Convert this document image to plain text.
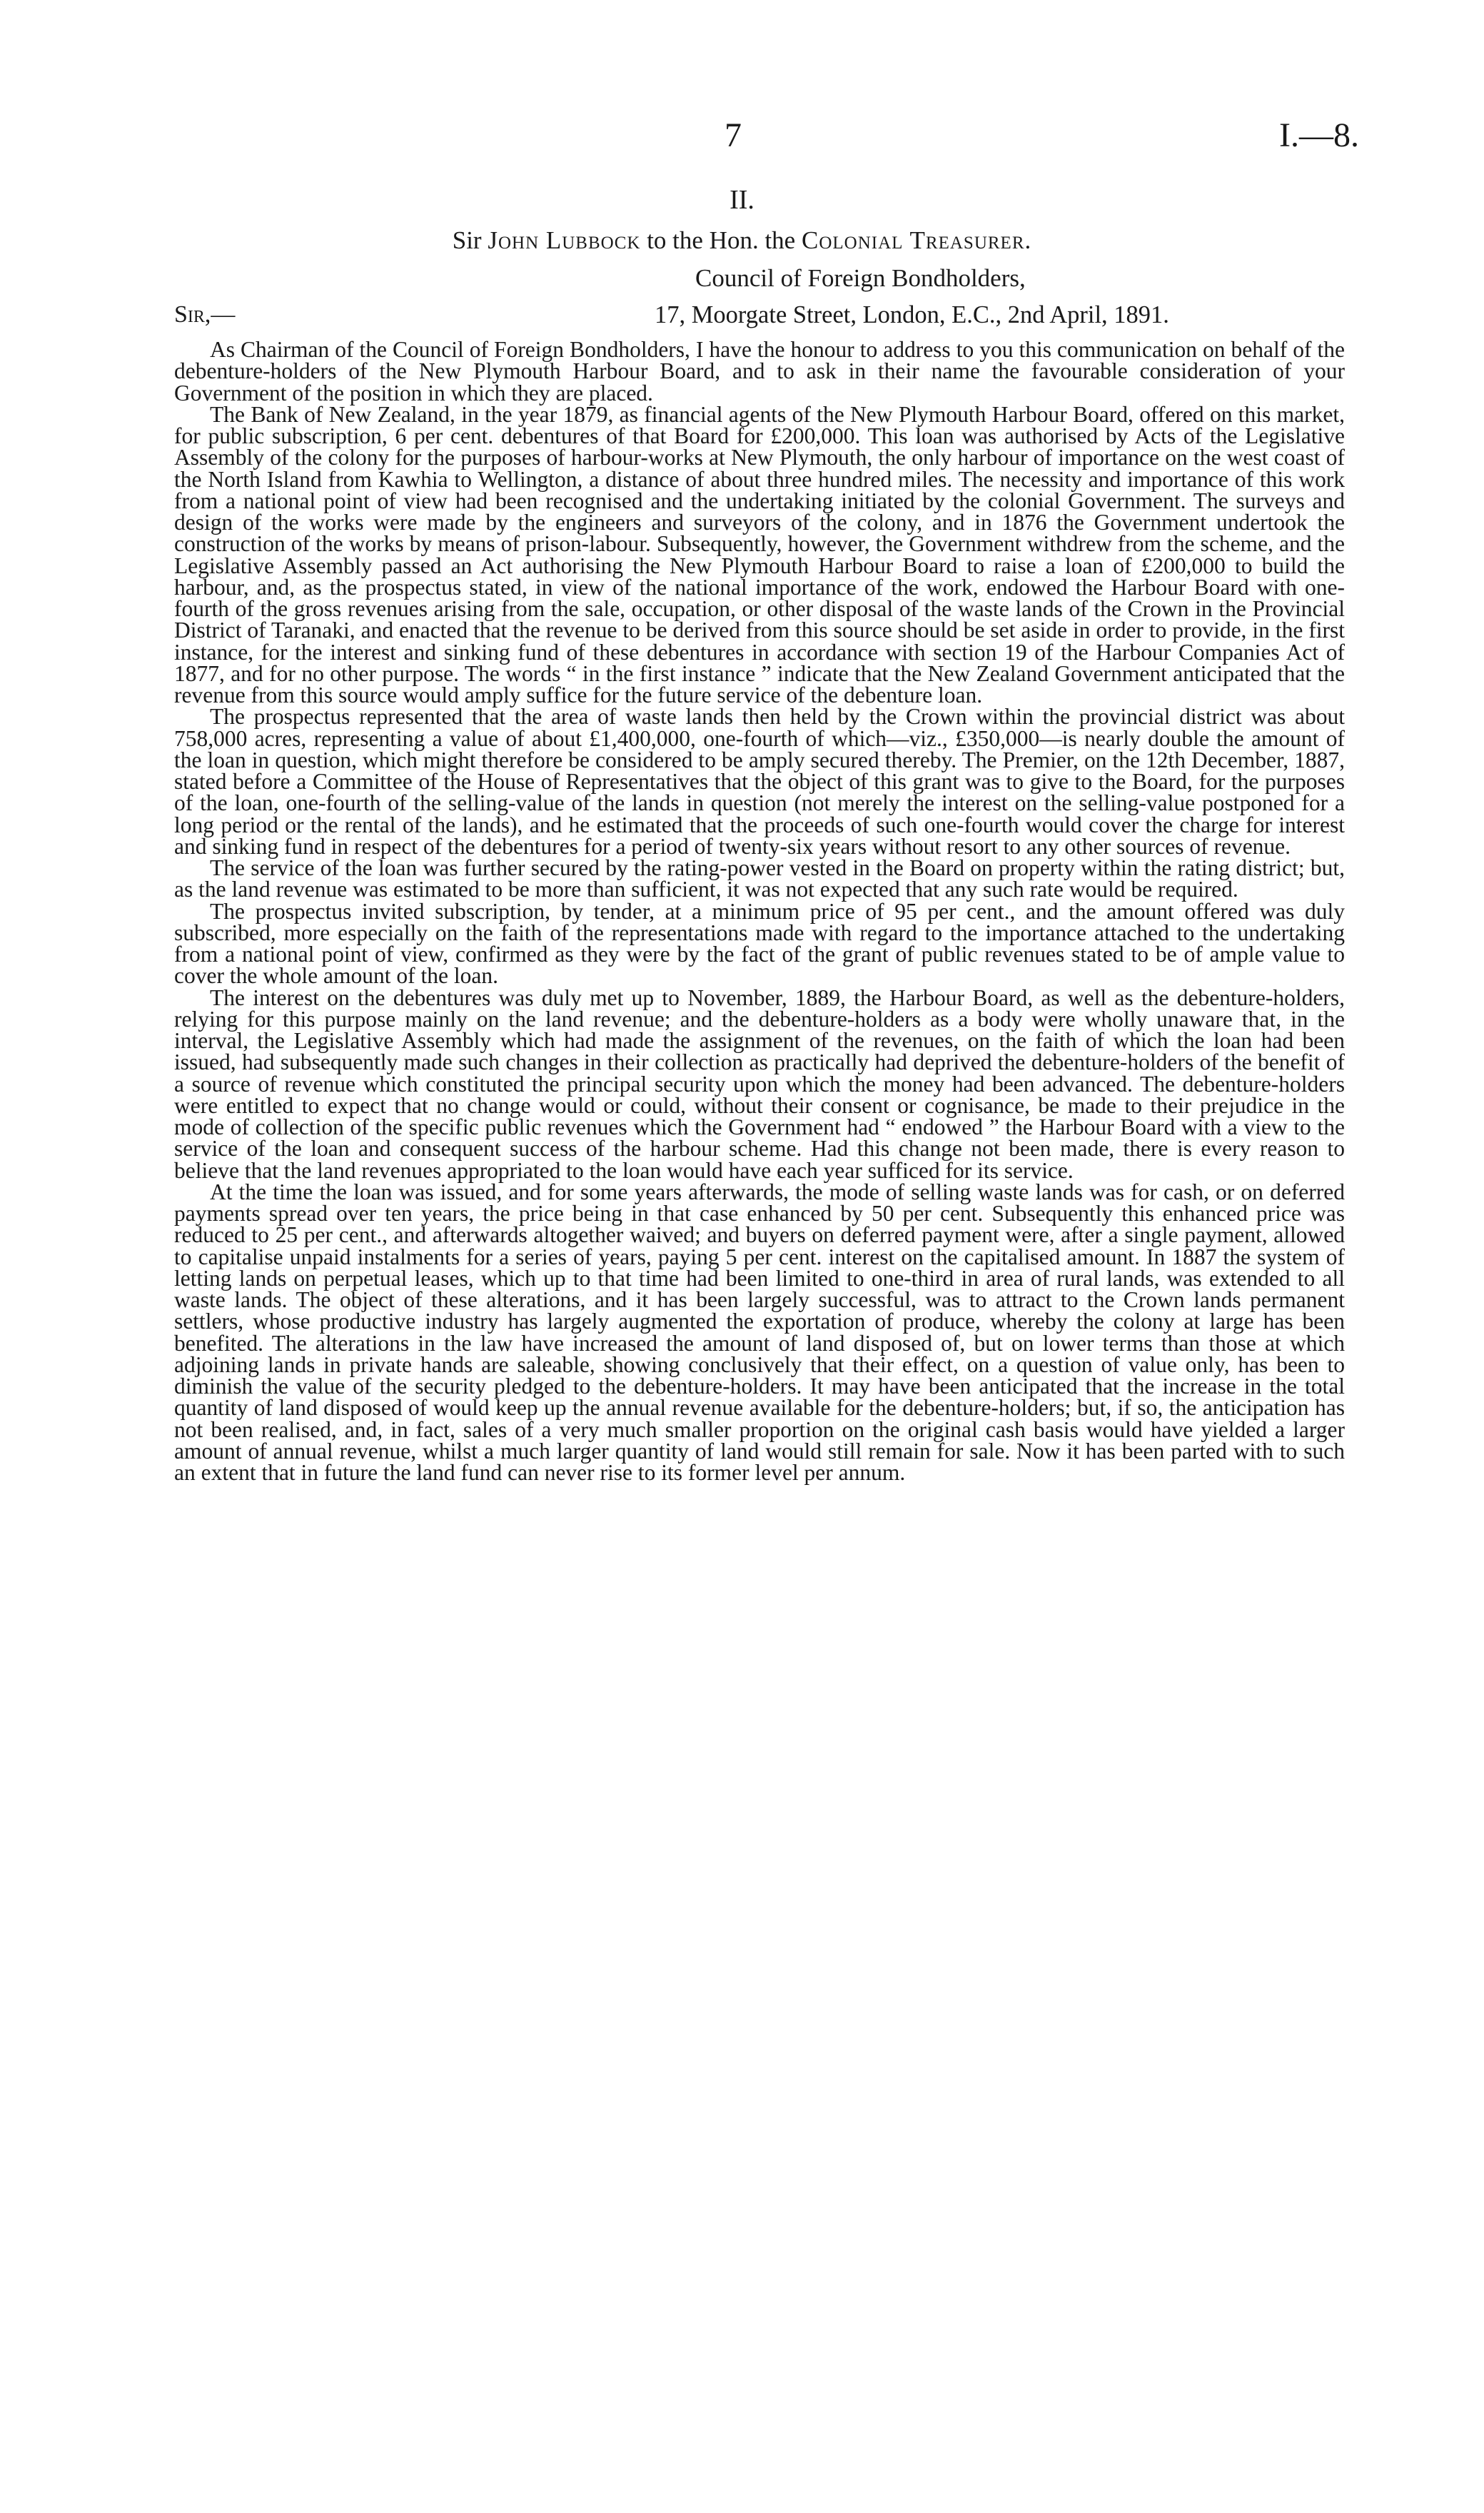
7	I.—8.
II.
Sir John Lubbock to the Hon. the Colonial Treasurer.
Council of Foreign Bondholders,
Sir,—	17, Moorgate Street, London, E.C., 2nd April, 1891.

As Chairman of the Council of Foreign Bondholders, I have the honour to address to you this communication on behalf of the debenture-holders of the New Plymouth Harbour Board, and to ask in their name the favourable consideration of your Government of the position in which they are placed.

The Bank of New Zealand, in the year 1879, as financial agents of the New Plymouth Harbour Board, offered on this market, for public subscription, 6 per cent. debentures of that Board for £200,000. This loan was authorised by Acts of the Legislative Assembly of the colony for the purposes of harbour-works at New Plymouth, the only harbour of importance on the west coast of the North Island from Kawhia to Wellington, a distance of about three hundred miles. The necessity and importance of this work from a national point of view had been recognised and the undertaking initiated by the colonial Government. The surveys and design of the works were made by the engineers and surveyors of the colony, and in 1876 the Government undertook the construction of the works by means of prison-labour. Subsequently, however, the Government withdrew from the scheme, and the Legislative Assembly passed an Act authorising the New Plymouth Harbour Board to raise a loan of £200,000 to build the harbour, and, as the prospectus stated, in view of the national importance of the work, endowed the Harbour Board with one-fourth of the gross revenues arising from the sale, occupation, or other disposal of the waste lands of the Crown in the Provincial District of Taranaki, and enacted that the revenue to be derived from this source should be set aside in order to provide, in the first instance, for the interest and sinking fund of these debentures in accordance with section 19 of the Harbour Companies Act of 1877, and for no other purpose. The words “ in the first instance ” indicate that the New Zealand Government anticipated that the revenue from this source would amply suffice for the future service of the debenture loan.

The prospectus represented that the area of waste lands then held by the Crown within the provincial district was about 758,000 acres, representing a value of about £1,400,000, one-fourth of which—viz., £350,000—is nearly double the amount of the loan in question, which might therefore be considered to be amply secured thereby. The Premier, on the 12th December, 1887, stated before a Committee of the House of Representatives that the object of this grant was to give to the Board, for the purposes of the loan, one-fourth of the selling-value of the lands in question (not merely the interest on the selling-value postponed for a long period or the rental of the lands), and he estimated that the proceeds of such one-fourth would cover the charge for interest and sinking fund in respect of the debentures for a period of twenty-six years without resort to any other sources of revenue.

The service of the loan was further secured by the rating-power vested in the Board on property within the rating district; but, as the land revenue was estimated to be more than sufficient, it was not expected that any such rate would be required.

The prospectus invited subscription, by tender, at a minimum price of 95 per cent., and the amount offered was duly subscribed, more especially on the faith of the representations made with regard to the importance attached to the undertaking from a national point of view, confirmed as they were by the fact of the grant of public revenues stated to be of ample value to cover the whole amount of the loan.

The interest on the debentures was duly met up to November, 1889, the Harbour Board, as well as the debenture-holders, relying for this purpose mainly on the land revenue; and the debenture-holders as a body were wholly unaware that, in the interval, the Legislative Assembly which had made the assignment of the revenues, on the faith of which the loan had been issued, had subsequently made such changes in their collection as practically had deprived the debenture-holders of the benefit of a source of revenue which constituted the principal security upon which the money had been advanced. The debenture-holders were entitled to expect that no change would or could, without their consent or cognisance, be made to their prejudice in the mode of collection of the specific public revenues which the Government had “ endowed ” the Harbour Board with a view to the service of the loan and consequent success of the harbour scheme. Had this change not been made, there is every reason to believe that the land revenues appropriated to the loan would have each year sufficed for its service.

At the time the loan was issued, and for some years afterwards, the mode of selling waste lands was for cash, or on deferred payments spread over ten years, the price being in that case enhanced by 50 per cent. Subsequently this enhanced price was reduced to 25 per cent., and afterwards altogether waived; and buyers on deferred payment were, after a single payment, allowed to capitalise unpaid instalments for a series of years, paying 5 per cent. interest on the capitalised amount. In 1887 the system of letting lands on perpetual leases, which up to that time had been limited to one-third in area of rural lands, was extended to all waste lands. The object of these alterations, and it has been largely successful, was to attract to the Crown lands permanent settlers, whose productive industry has largely augmented the exportation of produce, whereby the colony at large has been benefited. The alterations in the law have increased the amount of land disposed of, but on lower terms than those at which adjoining lands in private hands are saleable, showing conclusively that their effect, on a question of value only, has been to diminish the value of the security pledged to the debenture-holders. It may have been anticipated that the increase in the total quantity of land disposed of would keep up the annual revenue available for the debenture-holders; but, if so, the anticipation has not been realised, and, in fact, sales of a very much smaller proportion on the original cash basis would have yielded a larger amount of annual revenue, whilst a much larger quantity of land would still remain for sale. Now it has been parted with to such an extent that in future the land fund can never rise to its former level per annum.
